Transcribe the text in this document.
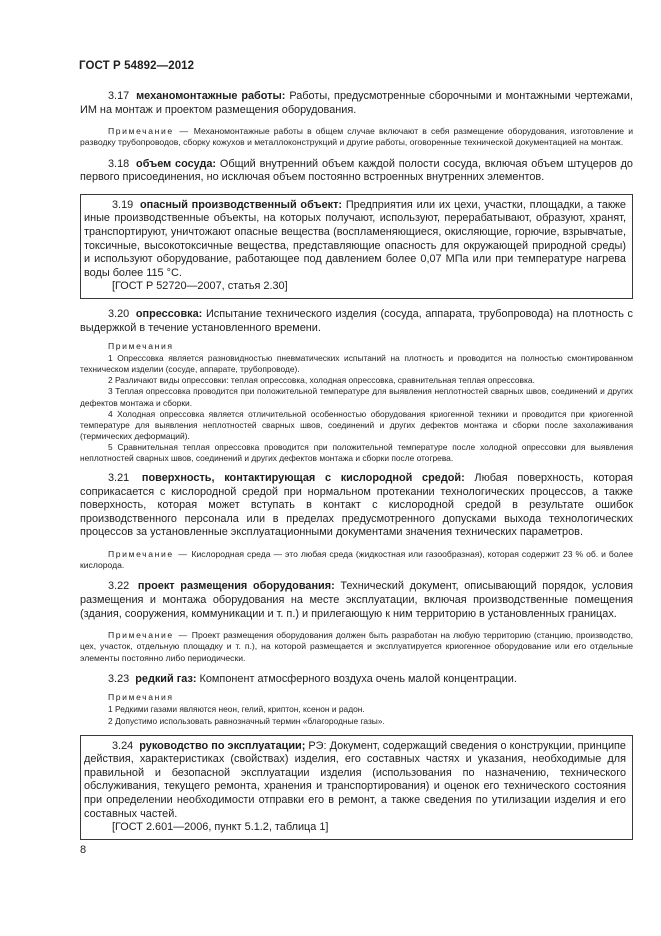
ГОСТ Р 54892—2012

3.17 механомонтажные работы: Работы, предусмотренные сборочными и монтажными чертежами, ИМ на монтаж и проектом размещения оборудования.

Примечание — Механомонтажные работы в общем случае включают в себя размещение оборудования, изготовление и разводку трубопроводов, сборку кожухов и металлоконструкций и другие работы, оговоренные технической документацией на монтаж.

3.18 объем сосуда: Общий внутренний объем каждой полости сосуда, включая объем штуцеров до первого присоединения, но исключая объем постоянно встроенных внутренних элементов.

3.19 опасный производственный объект: Предприятия или их цехи, участки, площадки, а также иные производственные объекты, на которых получают, используют, перерабатывают, образуют, хранят, транспортируют, уничтожают опасные вещества (воспламеняющиеся, окисляющие, горючие, взрывчатые, токсичные, высокотоксичные вещества, представляющие опасность для окружающей природной среды) и используют оборудование, работающее под давлением более 0,07 МПа или при температуре нагрева воды более 115 °С.

[ГОСТ Р 52720—2007, статья 2.30]

3.20 опрессовка: Испытание технического изделия (сосуда, аппарата, трубопровода) на плотность с выдержкой в течение установленного времени.

Примечания

1 Опрессовка является разновидностью пневматических испытаний на плотность и проводится на полностью смонтированном техническом изделии (сосуде, аппарате, трубопроводе).

2 Различают виды опрессовки: теплая опрессовка, холодная опрессовка, сравнительная теплая опрессовка.

3 Теплая опрессовка проводится при положительной температуре для выявления неплотностей сварных швов, соединений и других дефектов монтажа и сборки.

4 Холодная опрессовка является отличительной особенностью оборудования криогенной техники и проводится при криогенной температуре для выявления неплотностей сварных швов, соединений и других дефектов монтажа и сборки после захолаживания (термических деформаций).

5 Сравнительная теплая опрессовка проводится при положительной температуре после холодной опрессовки для выявления неплотностей сварных швов, соединений и других дефектов монтажа и сборки после отогрева.

3.21 поверхность, контактирующая с кислородной средой: Любая поверхность, которая соприкасается с кислородной средой при нормальном протекании технологических процессов, а также поверхность, которая может вступать в контакт с кислородной средой в результате ошибок производственного персонала или в пределах предусмотренного допусками выхода технологических процессов за установленные эксплуатационными документами значения технических параметров.

Примечание — Кислородная среда — это любая среда (жидкостная или газообразная), которая содержит 23 % об. и более кислорода.

3.22 проект размещения оборудования: Технический документ, описывающий порядок, условия размещения и монтажа оборудования на месте эксплуатации, включая производственные помещения (здания, сооружения, коммуникации и т. п.) и прилегающую к ним территорию в установленных границах.

Примечание — Проект размещения оборудования должен быть разработан на любую территорию (станцию, производство, цех, участок, отдельную площадку и т. п.), на которой размещается и эксплуатируется криогенное оборудование или его отдельные элементы постоянно либо периодически.

3.23 редкий газ: Компонент атмосферного воздуха очень малой концентрации.

Примечания

1 Редкими газами являются неон, гелий, криптон, ксенон и радон.

2 Допустимо использовать равнозначный термин «благородные газы».

3.24 руководство по эксплуатации; РЭ: Документ, содержащий сведения о конструкции, принципе действия, характеристиках (свойствах) изделия, его составных частях и указания, необходимые для правильной и безопасной эксплуатации изделия (использования по назначению, технического обслуживания, текущего ремонта, хранения и транспортирования) и оценок его технического состояния при определении необходимости отправки его в ремонт, а также сведения по утилизации изделия и его составных частей.

[ГОСТ 2.601—2006, пункт 5.1.2, таблица 1]

8
